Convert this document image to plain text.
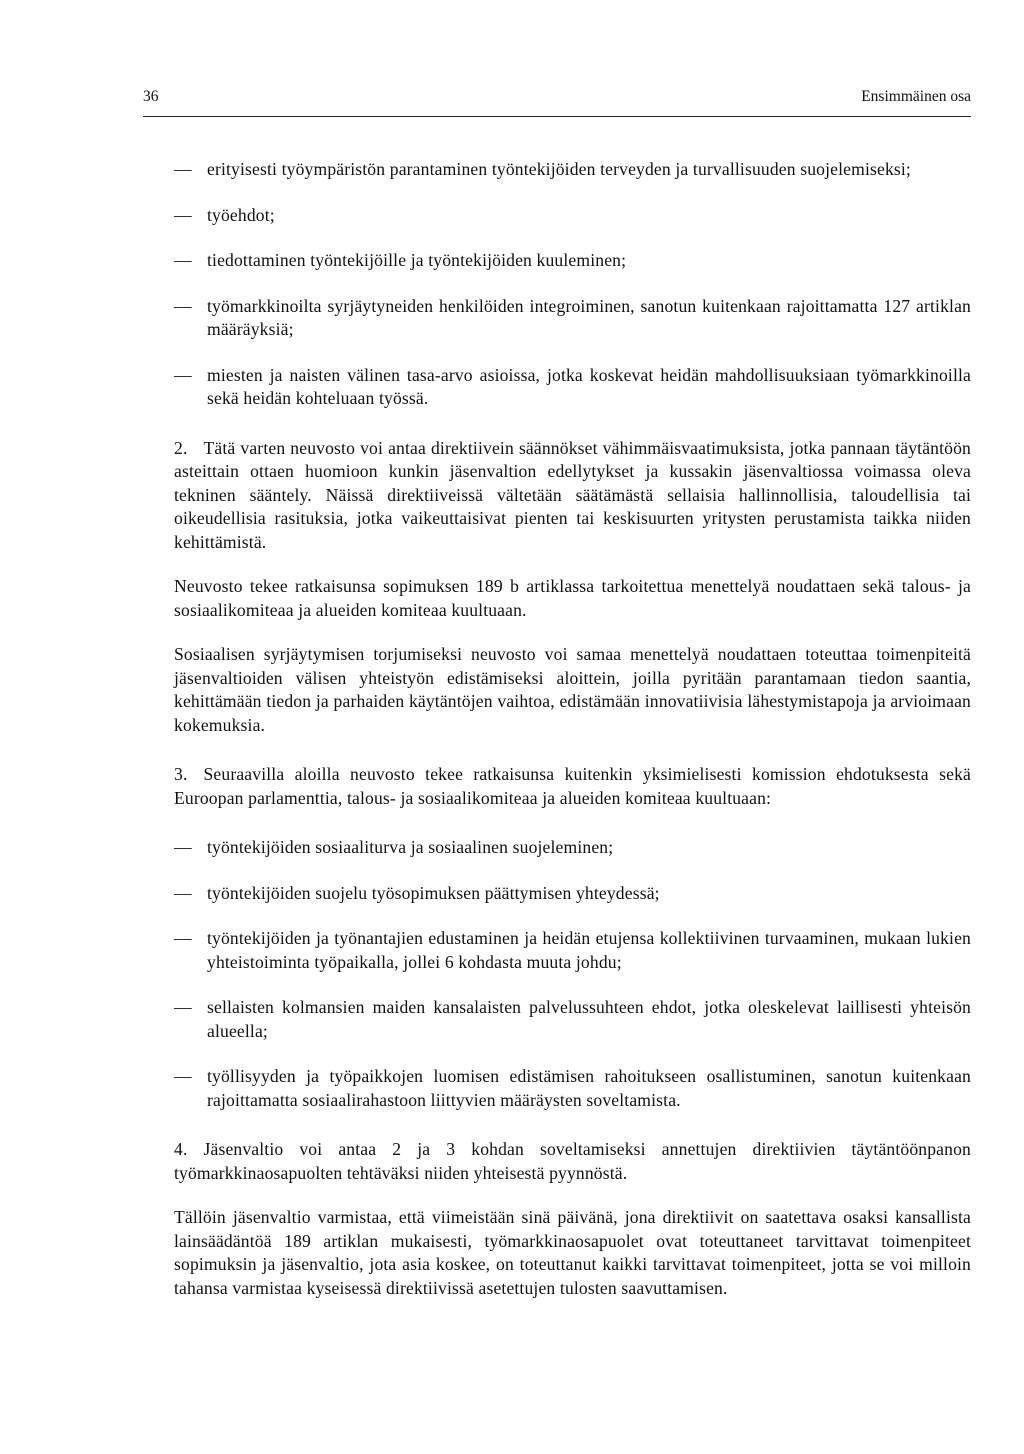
36	Ensimmäinen osa
— erityisesti työympäristön parantaminen työntekijöiden terveyden ja turvallisuuden suojelemiseksi;
— työehdot;
— tiedottaminen työntekijöille ja työntekijöiden kuuleminen;
— työmarkkinoilta syrjäytyneiden henkilöiden integroiminen, sanotun kuitenkaan rajoittamatta 127 artiklan määräyksiä;
— miesten ja naisten välinen tasa-arvo asioissa, jotka koskevat heidän mahdollisuuksiaan työmarkkinoilla sekä heidän kohteluaan työssä.

2. Tätä varten neuvosto voi antaa direktiivein säännökset vähimmäisvaatimuksista, jotka pannaan täytäntöön asteittain ottaen huomioon kunkin jäsenvaltion edellytykset ja kussakin jäsenvaltiossa voimassa oleva tekninen sääntely. Näissä direktiiveissä vältetään säätämästä sellaisia hallinnollisia, taloudellisia tai oikeudellisia rasituksia, jotka vaikeuttaisivat pienten tai keskisuurten yritysten perustamista taikka niiden kehittämistä.

Neuvosto tekee ratkaisunsa sopimuksen 189 b artiklassa tarkoitettua menettelyä noudattaen sekä talous- ja sosiaalikomiteaa ja alueiden komiteaa kuultuaan.

Sosiaalisen syrjäytymisen torjumiseksi neuvosto voi samaa menettelyä noudattaen toteuttaa toimenpiteitä jäsenvaltioiden välisen yhteistyön edistämiseksi aloittein, joilla pyritään parantamaan tiedon saantia, kehittämään tiedon ja parhaiden käytäntöjen vaihtoa, edistämään innovatiivisia lähestymistapoja ja arvioimaan kokemuksia.

3. Seuraavilla aloilla neuvosto tekee ratkaisunsa kuitenkin yksimielisesti komission ehdotuksesta sekä Euroopan parlamenttia, talous- ja sosiaalikomiteaa ja alueiden komiteaa kuultuaan:

— työntekijöiden sosiaaliturva ja sosiaalinen suojeleminen;
— työntekijöiden suojelu työsopimuksen päättymisen yhteydessä;
— työntekijöiden ja työnantajien edustaminen ja heidän etujensa kollektiivinen turvaaminen, mukaan lukien yhteistoiminta työpaikalla, jollei 6 kohdasta muuta johdu;
— sellaisten kolmansien maiden kansalaisten palvelussuhteen ehdot, jotka oleskelevat laillisesti yhteisön alueella;
— työllisyyden ja työpaikkojen luomisen edistämisen rahoitukseen osallistuminen, sanotun kuitenkaan rajoittamatta sosiaalirahastoon liittyvien määräysten soveltamista.

4. Jäsenvaltio voi antaa 2 ja 3 kohdan soveltamiseksi annettujen direktiivien täytäntöönpanon työmarkkinaosapuolten tehtäväksi niiden yhteisestä pyynnöstä.

Tällöin jäsenvaltio varmistaa, että viimeistään sinä päivänä, jona direktiivit on saatettava osaksi kansallista lainsäädäntöä 189 artiklan mukaisesti, työmarkkinaosapuolet ovat toteuttaneet tarvittavat toimenpiteet sopimuksin ja jäsenvaltio, jota asia koskee, on toteuttanut kaikki tarvittavat toimenpiteet, jotta se voi milloin tahansa varmistaa kyseisessä direktiivissä asetettujen tulosten saavuttamisen.
